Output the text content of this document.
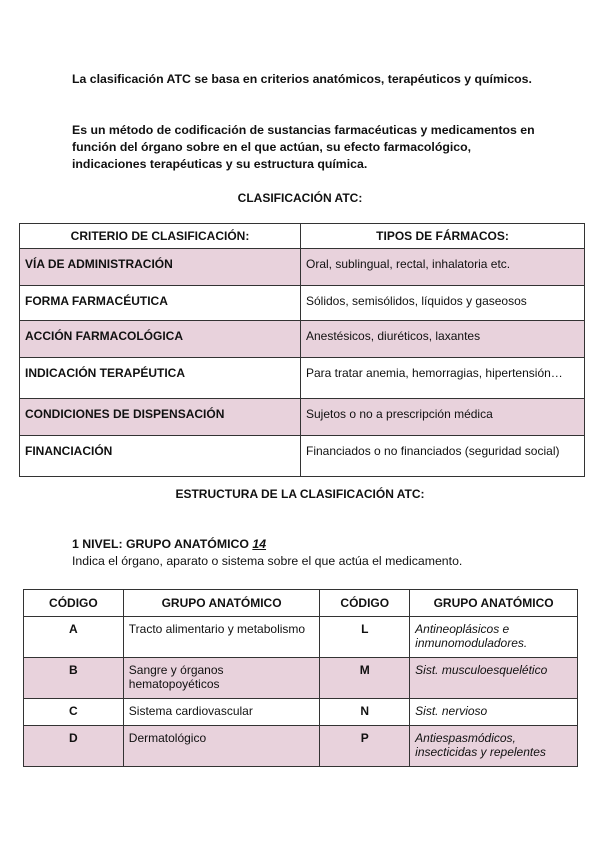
La clasificación ATC se basa en criterios anatómicos, terapéuticos y químicos.

Es un método de codificación de sustancias farmacéuticas y medicamentos en función del órgano sobre en el que actúan, su efecto farmacológico, indicaciones terapéuticas y su estructura química.

CLASIFICACIÓN ATC:

CRITERIO DE CLASIFICACIÓN:	TIPOS DE FÁRMACOS:
VÍA DE ADMINISTRACIÓN	Oral, sublingual, rectal, inhalatoria etc.
FORMA FARMACÉUTICA	Sólidos, semisólidos, líquidos y gaseosos
ACCIÓN FARMACOLÓGICA	Anestésicos, diuréticos, laxantes
INDICACIÓN TERAPÉUTICA	Para tratar anemia, hemorragias, hipertensión…
CONDICIONES DE DISPENSACIÓN	Sujetos o no a prescripción médica
FINANCIACIÓN	Financiados o no financiados (seguridad social)

ESTRUCTURA DE LA CLASIFICACIÓN ATC:

1 NIVEL: GRUPO ANATÓMICO 14

Indica el órgano, aparato o sistema sobre el que actúa el medicamento.

CÓDIGO	GRUPO ANATÓMICO	CÓDIGO	GRUPO ANATÓMICO
A	Tracto alimentario y metabolismo	L	Antineoplásicos e inmunomoduladores.
B	Sangre y órganos hematopoyéticos	M	Sist. musculoesquelético
C	Sistema cardiovascular	N	Sist. nervioso
D	Dermatológico	P	Antiespasmódicos, insecticidas y repelentes
